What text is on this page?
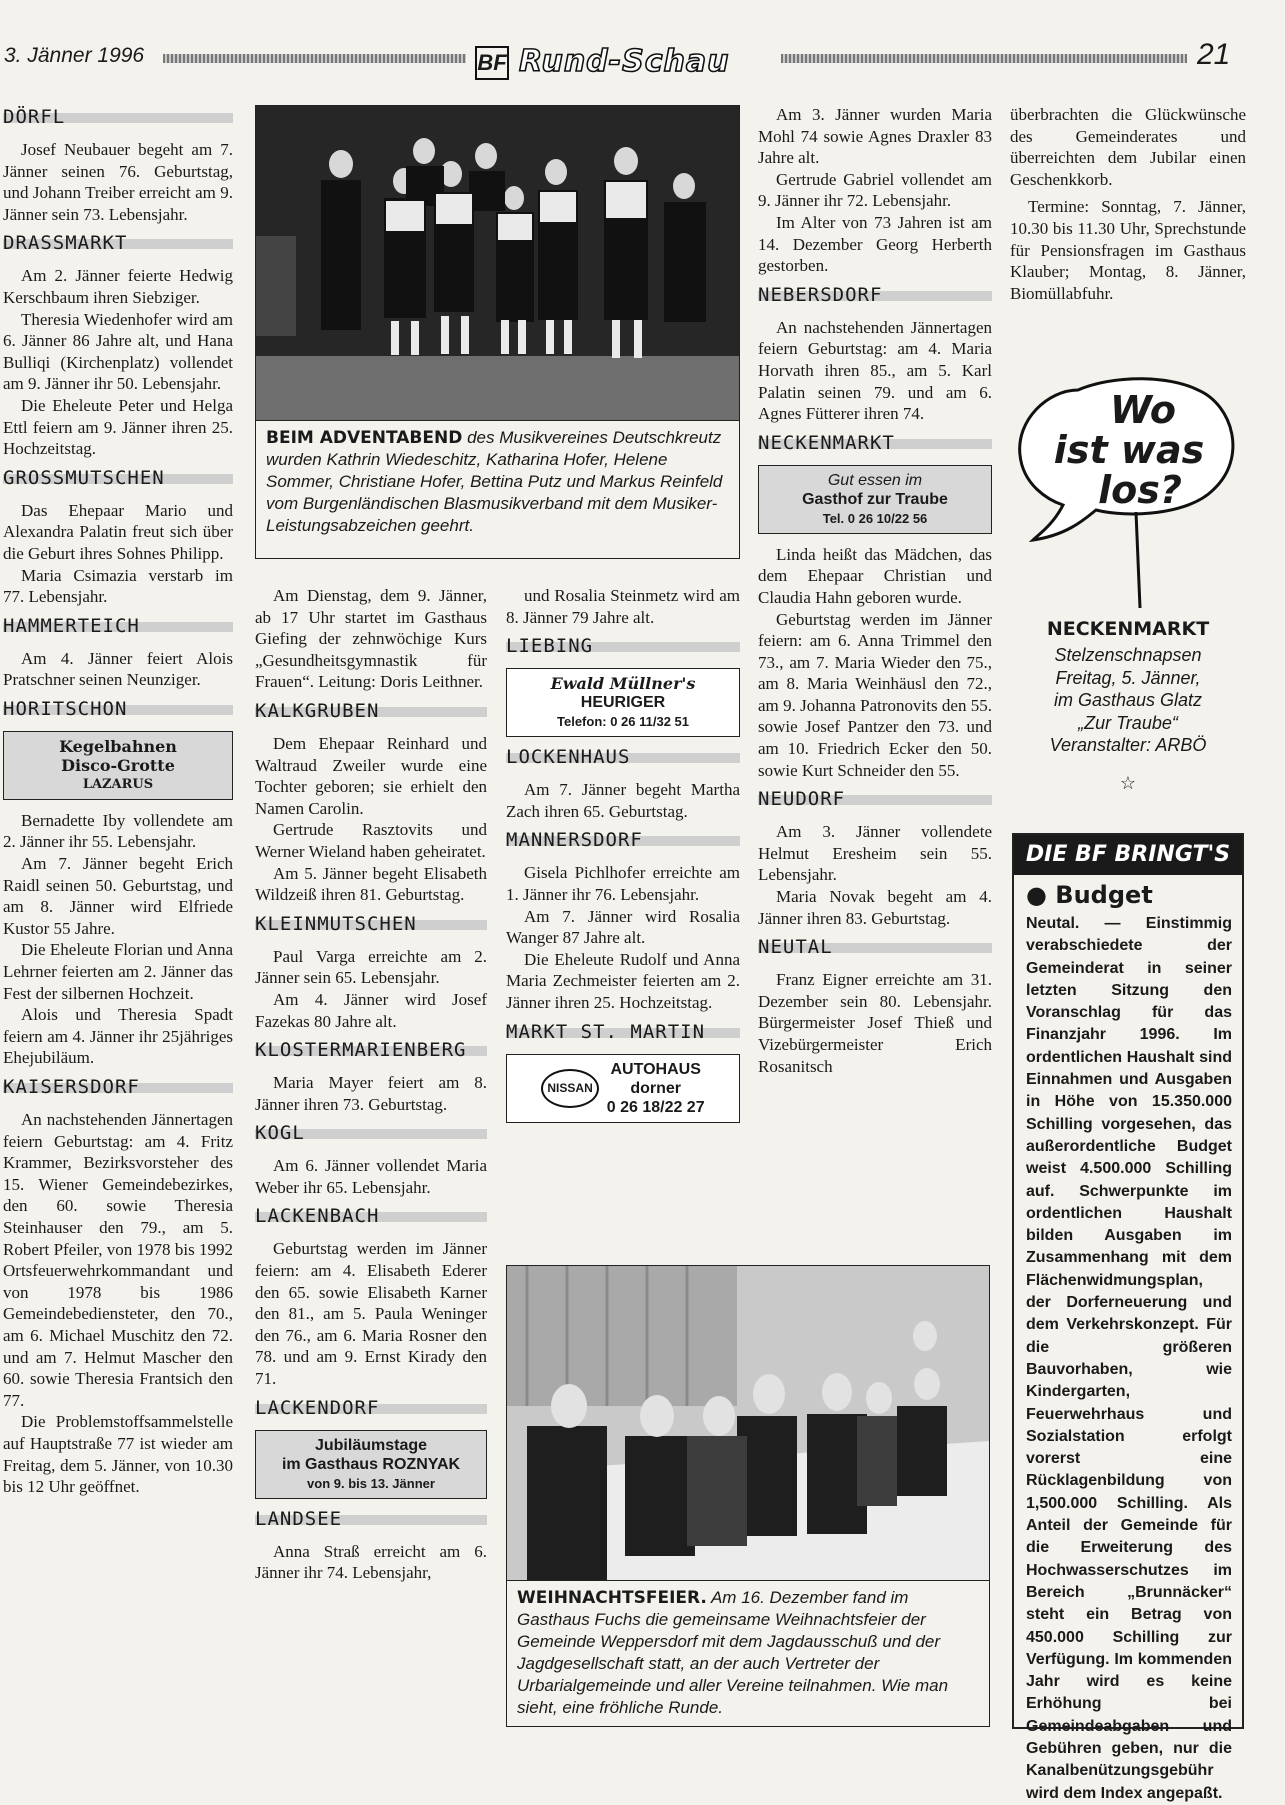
3. Jänner 1996	BF Rund-Schau	21
DÖRFL

Josef Neubauer begeht am 7. Jänner seinen 76. Geburtstag, und Johann Treiber erreicht am 9. Jänner sein 73. Lebensjahr.

DRASSMARKT

Am 2. Jänner feierte Hedwig Kerschbaum ihren Siebziger.

Theresia Wiedenhofer wird am 6. Jänner 86 Jahre alt, und Hana Bulliqi (Kirchenplatz) vollendet am 9. Jänner ihr 50. Lebensjahr.

Die Eheleute Peter und Helga Ettl feiern am 9. Jänner ihren 25. Hochzeitstag.

GROSSMUTSCHEN

Das Ehepaar Mario und Alexandra Palatin freut sich über die Geburt ihres Sohnes Philipp.

Maria Csimazia verstarb im 77. Lebensjahr.

HAMMERTEICH

Am 4. Jänner feiert Alois Pratschner seinen Neunziger.

HORITSCHON
Kegelbahnen
Disco-Grotte
LAZARUS

Bernadette Iby vollendete am 2. Jänner ihr 55. Lebensjahr.

Am 7. Jänner begeht Erich Raidl seinen 50. Geburtstag, und am 8. Jänner wird Elfriede Kustor 55 Jahre.

Die Eheleute Florian und Anna Lehrner feierten am 2. Jänner das Fest der silbernen Hochzeit.

Alois und Theresia Spadt feiern am 4. Jänner ihr 25jähriges Ehejubiläum.

KAISERSDORF

An nachstehenden Jännertagen feiern Geburtstag: am 4. Fritz Krammer, Bezirksvorsteher des 15. Wiener Gemeindebezirkes, den 60. sowie Theresia Steinhauser den 79., am 5. Robert Pfeiler, von 1978 bis 1992 Ortsfeuerwehrkommandant und von 1978 bis 1986 Gemeindebediensteter, den 70., am 6. Michael Muschitz den 72. und am 7. Helmut Mascher den 60. sowie Theresia Frantsich den 77.

Die Problemstoffsammelstelle auf Hauptstraße 77 ist wieder am Freitag, dem 5. Jänner, von 10.30 bis 12 Uhr geöffnet.

BEIM ADVENTABEND des Musikvereines Deutschkreutz wurden Kathrin Wiedeschitz, Katharina Hofer, Helene Sommer, Christiane Hofer, Bettina Putz und Markus Reinfeld vom Burgenländischen Blasmusikverband mit dem Musiker-Leistungsabzeichen geehrt.

Am Dienstag, dem 9. Jänner, ab 17 Uhr startet im Gasthaus Giefing der zehnwöchige Kurs „Gesundheitsgymnastik für Frauen“. Leitung: Doris Leithner.

KALKGRUBEN

Dem Ehepaar Reinhard und Waltraud Zweiler wurde eine Tochter geboren; sie erhielt den Namen Carolin.

Gertrude Rasztovits und Werner Wieland haben geheiratet.

Am 5. Jänner begeht Elisabeth Wildzeiß ihren 81. Geburtstag.

KLEINMUTSCHEN

Paul Varga erreichte am 2. Jänner sein 65. Lebensjahr.

Am 4. Jänner wird Josef Fazekas 80 Jahre alt.

KLOSTERMARIENBERG

Maria Mayer feiert am 8. Jänner ihren 73. Geburtstag.

KOGL

Am 6. Jänner vollendet Maria Weber ihr 65. Lebensjahr.

LACKENBACH

Geburtstag werden im Jänner feiern: am 4. Elisabeth Ederer den 65. sowie Elisabeth Karner den 81., am 5. Paula Weninger den 76., am 6. Maria Rosner den 78. und am 9. Ernst Kirady den 71.

LACKENDORF
Jubiläumstage
im Gasthaus ROZNYAK
von 9. bis 13. Jänner
LANDSEE

Anna Straß erreicht am 6. Jänner ihr 74. Lebensjahr,

und Rosalia Steinmetz wird am 8. Jänner 79 Jahre alt.

LIEBING
Ewald Müllner's
HEURIGER
Telefon: 0 26 11/32 51
LOCKENHAUS

Am 7. Jänner begeht Martha Zach ihren 65. Geburtstag.

MANNERSDORF

Gisela Pichlhofer erreichte am 1. Jänner ihr 76. Lebensjahr.

Am 7. Jänner wird Rosalia Wanger 87 Jahre alt.

Die Eheleute Rudolf und Anna Maria Zechmeister feierten am 2. Jänner ihren 25. Hochzeitstag.

MARKT ST. MARTIN
NISSAN
AUTOHAUS
dorner
0 26 18/22 27

Am 3. Jänner wurden Maria Mohl 74 sowie Agnes Draxler 83 Jahre alt.

Gertrude Gabriel vollendet am 9. Jänner ihr 72. Lebensjahr.

Im Alter von 73 Jahren ist am 14. Dezember Georg Herberth gestorben.

NEBERSDORF

An nachstehenden Jännertagen feiern Geburtstag: am 4. Maria Horvath ihren 85., am 5. Karl Palatin seinen 79. und am 6. Agnes Fütterer ihren 74.

NECKENMARKT
Gut essen im
Gasthof zur Traube
Tel. 0 26 10/22 56

Linda heißt das Mädchen, das dem Ehepaar Christian und Claudia Hahn geboren wurde.

Geburtstag werden im Jänner feiern: am 6. Anna Trimmel den 73., am 7. Maria Wieder den 75., am 8. Maria Weinhäusl den 72., am 9. Johanna Patronovits den 55. sowie Josef Pantzer den 73. und am 10. Friedrich Ecker den 50. sowie Kurt Schneider den 55.

NEUDORF

Am 3. Jänner vollendete Helmut Eresheim sein 55. Lebensjahr.

Maria Novak begeht am 4. Jänner ihren 83. Geburtstag.

NEUTAL

Franz Eigner erreichte am 31. Dezember sein 80. Lebensjahr. Bürgermeister Josef Thieß und Vizebürgermeister Erich Rosanitsch

WEIHNACHTSFEIER. Am 16. Dezember fand im Gasthaus Fuchs die gemeinsame Weihnachtsfeier der Gemeinde Weppersdorf mit dem Jagdausschuß und der Jagdgesellschaft statt, an der auch Vertreter der Urbarialgemeinde und aller Vereine teilnahmen. Wie man sieht, eine fröhliche Runde.

überbrachten die Glückwünsche des Gemeinderates und überreichten dem Jubilar einen Geschenkkorb.

Termine: Sonntag, 7. Jänner, 10.30 bis 11.30 Uhr, Sprechstunde für Pensionsfragen im Gasthaus Klauber; Montag, 8. Jänner, Biomüllabfuhr.

Wo
ist was
los?
NECKENMARKT
Stelzenschnapsen
Freitag, 5. Jänner,
im Gasthaus Glatz
„Zur Traube“
Veranstalter: ARBÖ
☆
DIE BF BRINGT'S
● Budget
Neutal. — Einstimmig verabschiedete der Gemeinderat in seiner letzten Sitzung den Voranschlag für das Finanzjahr 1996. Im ordentlichen Haushalt sind Einnahmen und Ausgaben in Höhe von 15.350.000 Schilling vorgesehen, das außerordentliche Budget weist 4.500.000 Schilling auf. Schwerpunkte im ordentlichen Haushalt bilden Ausgaben im Zusammenhang mit dem Flächenwidmungsplan, der Dorferneuerung und dem Verkehrskonzept. Für die größeren Bauvorhaben, wie Kindergarten, Feuerwehrhaus und Sozialstation erfolgt vorerst eine Rücklagenbildung von 1,500.000 Schilling. Als Anteil der Gemeinde für die Erweiterung des Hochwasserschutzes im Bereich „Brunnäcker“ steht ein Betrag von 450.000 Schilling zur Verfügung. Im kommenden Jahr wird es keine Erhöhung bei Gemeindeabgaben und Gebühren geben, nur die Kanalbenützungsgebühr wird dem Index angepaßt.
